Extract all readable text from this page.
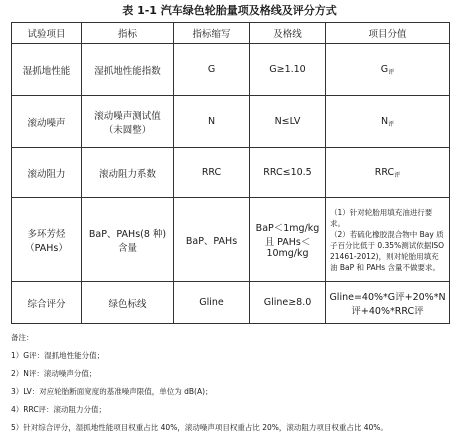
表 1-1 汽车绿色轮胎量项及格线及评分方式
试验项目	指标	指标缩写	及格线	项目分值
湿抓地性能	湿抓地性能指数	G	G≥1.10	$G_评$
滚动噪声	滚动噪声测试值（未圆整）	N	N≤LV	$N_评$
滚动阻力	滚动阻力系数	RRC	RRC≤10.5	$RRC_评$
多环芳烃（PAHs）	BaP、PAHs(8 种) 含量	BaP、PAHs	BaP＜1mg/kg 且 PAHs＜10mg/kg	（1）针对轮胎用填充油进行要求。
（2）若硫化橡胶混合物中 Bay 质子百分比低于 0.35%测试依据ISO 21461-2012)，则对轮胎用填充油 BaP 和 PAHs 含量不做要求。

综合评分	绿色标线	Gline	Gline≥8.0	Gline=40%*G评+20%*N评+40%*RRC评
备注：
1）G评：湿抓地性能分值；
2）N评：滚动噪声分值；
3）LV：对应轮胎断面宽度的基准噪声限值，单位为 dB(A)；
4）RRC评：滚动阻力分值；
5）针对综合评分，湿抓地性能项目权重占比 40%，滚动噪声项目权重占比 20%，滚动阻力项目权重占比 40%。
